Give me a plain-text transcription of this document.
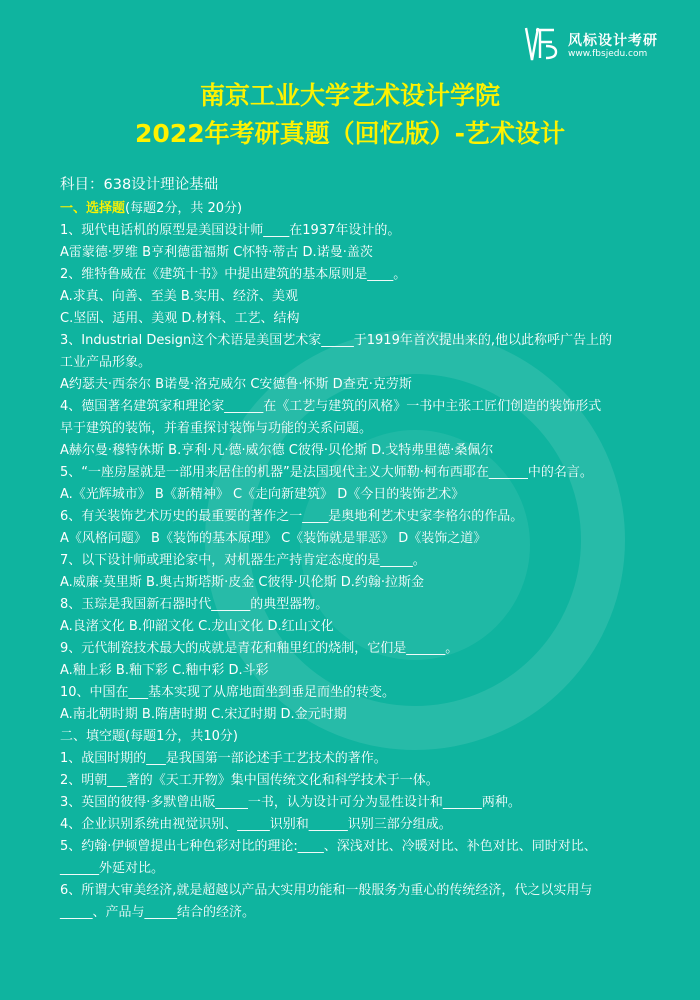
风标设计考研
www.fbsjedu.com
南京工业大学艺术设计学院
2022年考研真题（回忆版）-艺术设计
科目：638设计理论基础
一、选择题(每题2分，共 20分)
1、现代电话机的原型是美国设计师____在1937年设计的。
A雷蒙德·罗维 B亨利德雷福斯 C怀特·蒂古 D.诺曼·盖茨
2、维特鲁威在《建筑十书》中提出建筑的基本原则是____。
A.求真、向善、至美 B.实用、经济、美观
C.坚固、适用、美观 D.材料、工艺、结构
3、Industrial Design这个术语是美国艺术家_____于1919年首次提出来的,他以此称呼广告上的
工业产品形象。
A约瑟夫·西奈尔 B诺曼·洛克威尔 C安德鲁·怀斯 D查克·克劳斯
4、德国著名建筑家和理论家______在《工艺与建筑的风格》一书中主张工匠们创造的装饰形式
早于建筑的装饰，并着重探讨装饰与功能的关系问题。
A赫尔曼·穆特休斯 B.亨利·凡·德·威尔德 C彼得·贝伦斯 D.戈特弗里德·桑佩尔
5、“一座房屋就是一部用来居住的机器”是法国现代主义大师勒·柯布西耶在______中的名言。
A.《光辉城市》 B《新精神》 C《走向新建筑》 D《今日的装饰艺术》
6、有关装饰艺术历史的最重要的著作之一____是奥地利艺术史家李格尔的作品。
A《风格问题》 B《装饰的基本原理》 C《装饰就是罪恶》 D《装饰之道》
7、以下设计师或理论家中，对机器生产持肯定态度的是_____。
A.威廉·莫里斯 B.奥古斯塔斯·皮金 C彼得·贝伦斯 D.约翰·拉斯金
8、玉琮是我国新石器时代______的典型器物。
A.良渚文化 B.仰韶文化 C.龙山文化 D.红山文化
9、元代制瓷技术最大的成就是青花和釉里红的烧制，它们是______。
A.釉上彩 B.釉下彩 C.釉中彩 D.斗彩
10、中国在___基本实现了从席地面坐到垂足而坐的转变。
A.南北朝时期 B.隋唐时期 C.宋辽时期 D.金元时期
二、填空题(每题1分，共10分)
1、战国时期的___是我国第一部论述手工艺技术的著作。
2、明朝___著的《天工开物》集中国传统文化和科学技术于一体。
3、英国的彼得·多默曾出版_____一书，认为设计可分为显性设计和______两种。
4、企业识别系统由视觉识别、_____识别和______识别三部分组成。
5、约翰·伊顿曾提出七种色彩对比的理论:____、深浅对比、冷暖对比、补色对比、同时对比、
______外延对比。
6、所谓大审美经济,就是超越以产品大实用功能和一般服务为重心的传统经济，代之以实用与
_____、产品与_____结合的经济。
